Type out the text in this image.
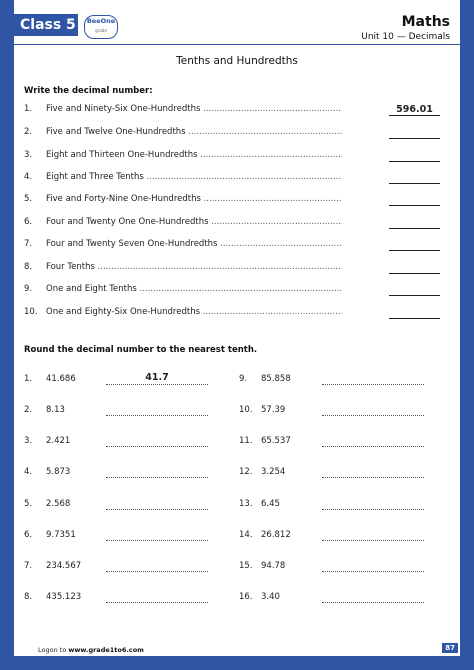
Class 5	BeeOne
grade
Maths
Unit 10 — Decimals
Tenths and Hundredths
Write the decimal number:
1. Five and Ninety-Six One-Hundredths .....	596.01
2. Five and Twelve One-Hundredths .....
3. Eight and Thirteen One-Hundredths .....
4. Eight and Three Tenths .....
5. Five and Forty-Nine One-Hundredths .....
6. Four and Twenty One One-Hundredths .....
7. Four and Twenty Seven One-Hundredths .....
8. Four Tenths .....
9. One and Eight Tenths .....
10. One and Eighty-Six One-Hundredths .....
Round the decimal number to the nearest tenth.
1. 41.686	41.7
2. 8.13
3. 2.421
4. 5.873
5. 2.568
6. 9.7351
7. 234.567
8. 435.123
9. 85.858
10. 57.39
11. 65.537
12. 3.254
13. 6.45
14. 26.812
15. 94.78
16. 3.40
Logon to www.grade1to6.com	87
